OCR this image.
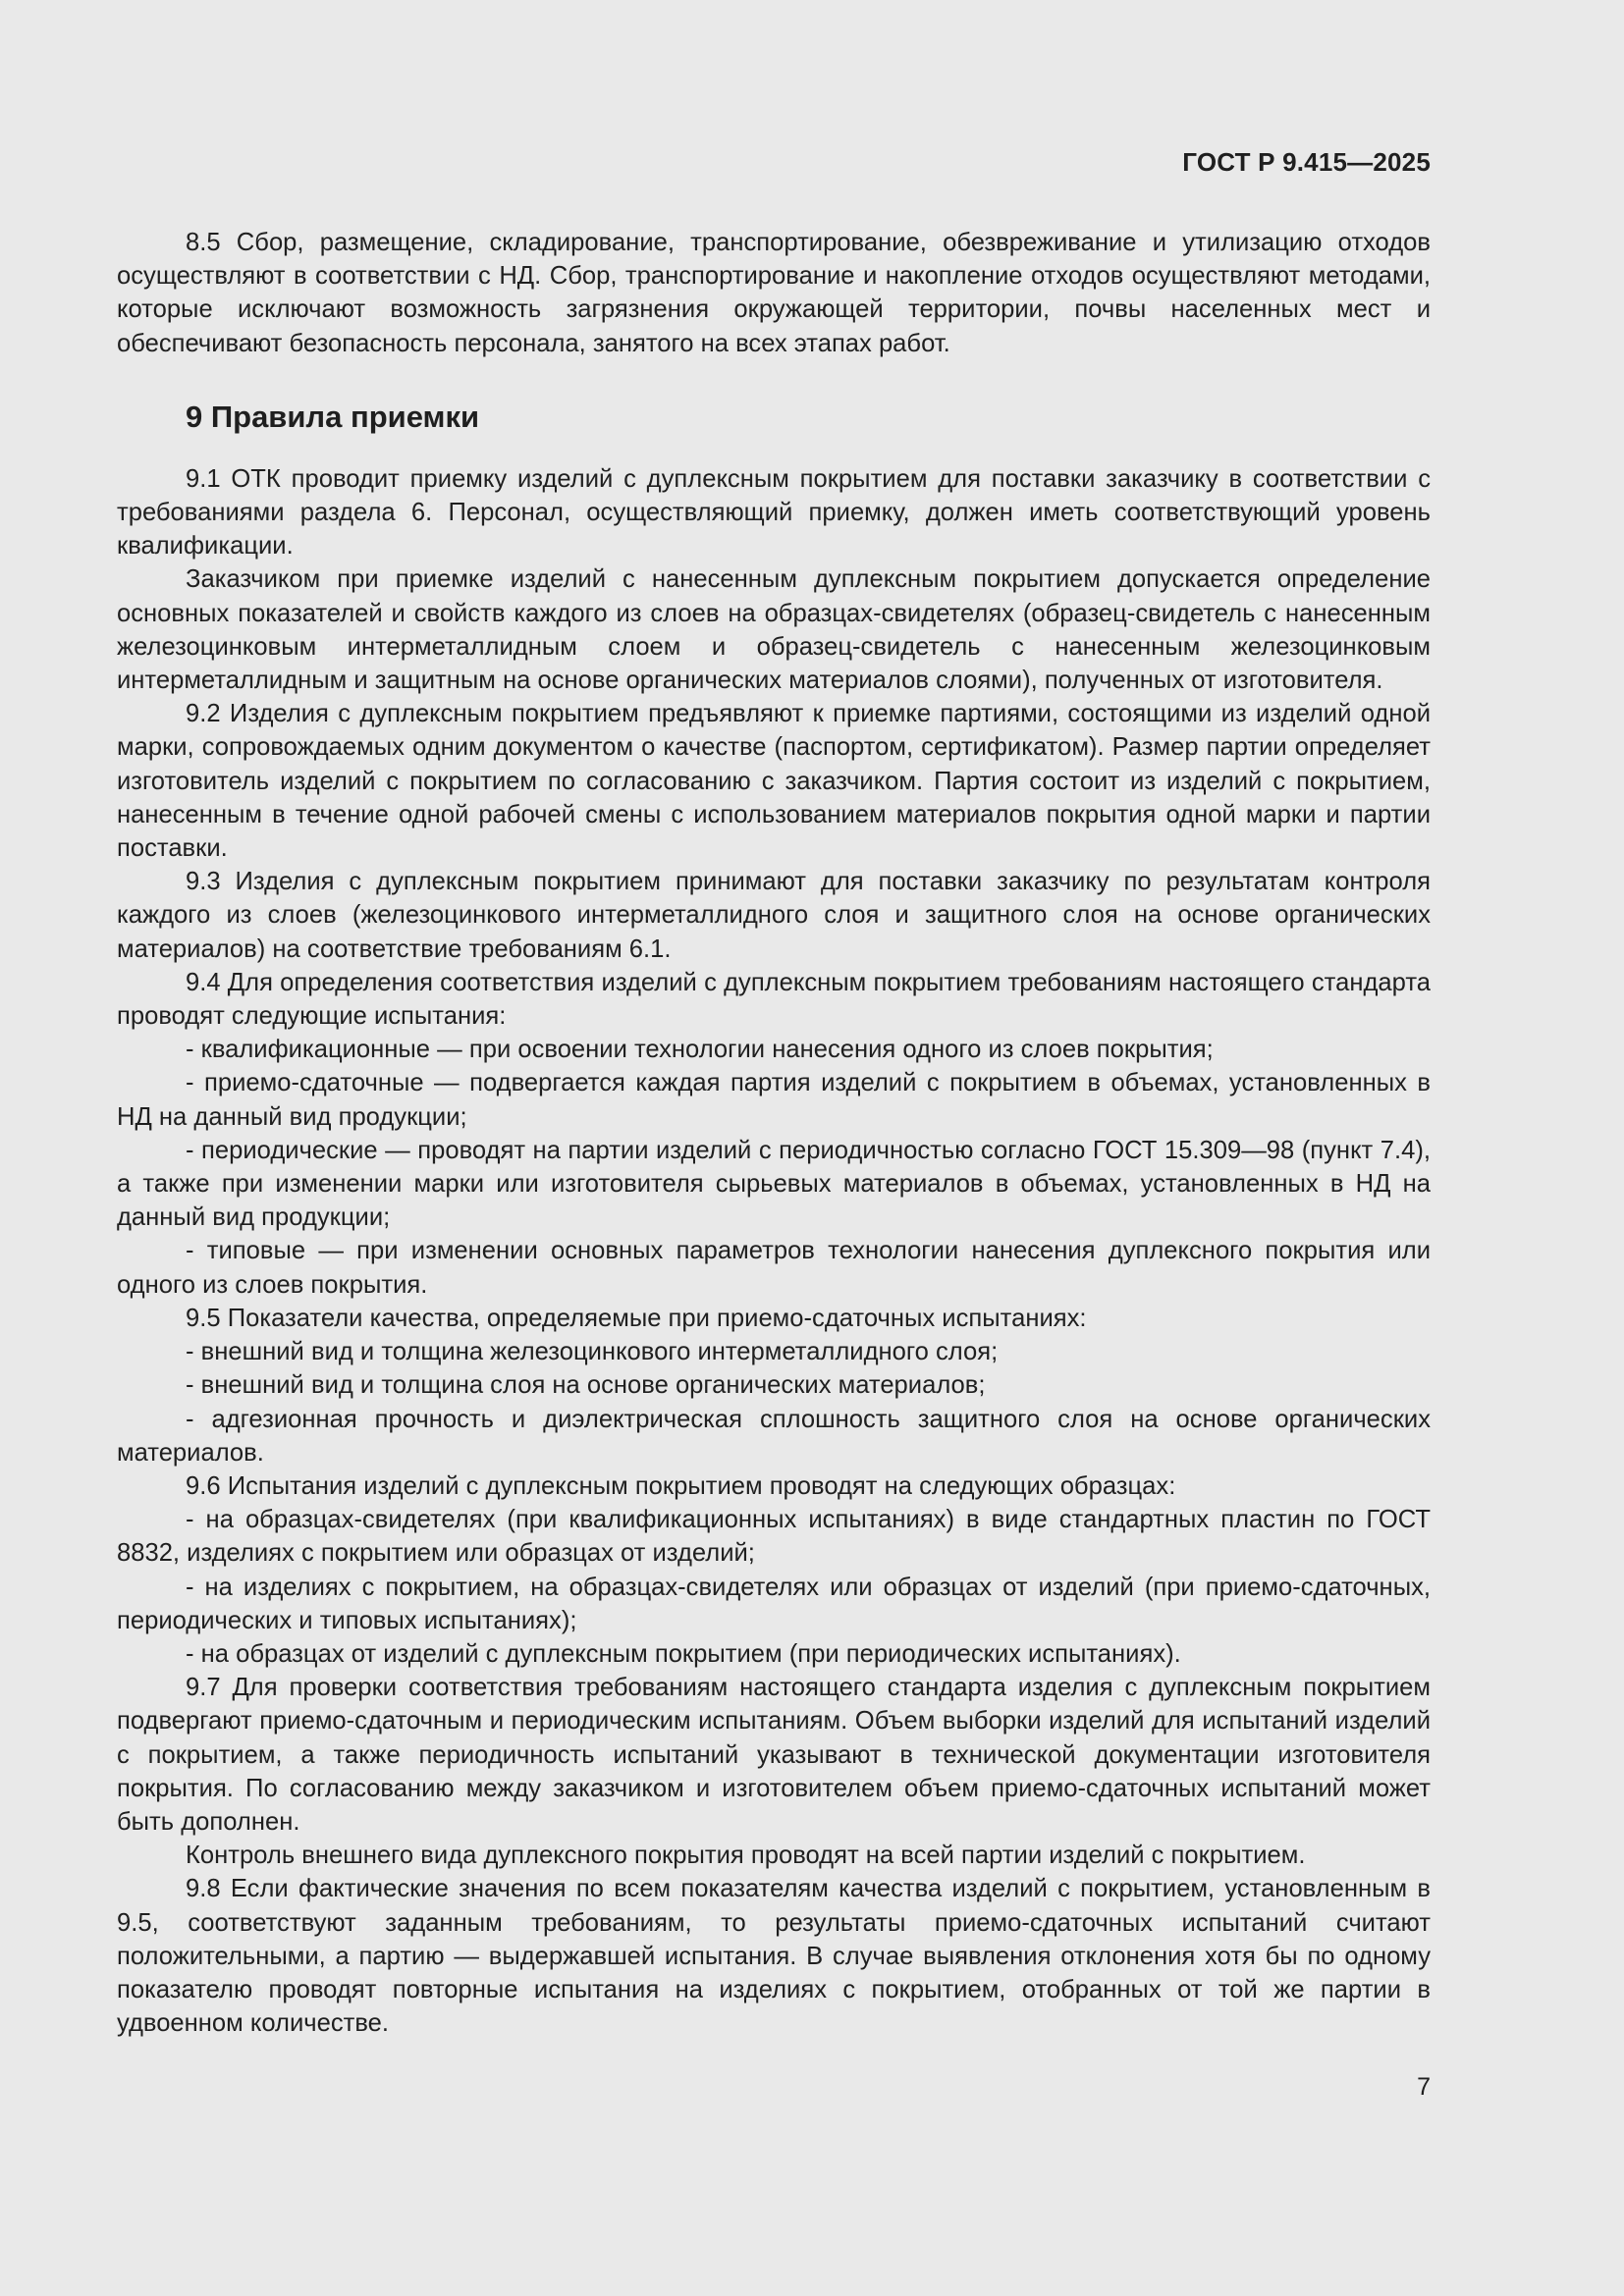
ГОСТ Р 9.415—2025

8.5 Сбор, размещение, складирование, транспортирование, обезвреживание и утилизацию отходов осуществляют в соответствии с НД. Сбор, транспортирование и накопление отходов осуществляют методами, которые исключают возможность загрязнения окружающей территории, почвы населенных мест и обеспечивают безопасность персонала, занятого на всех этапах работ.

9 Правила приемки

9.1 ОТК проводит приемку изделий с дуплексным покрытием для поставки заказчику в соответствии с требованиями раздела 6. Персонал, осуществляющий приемку, должен иметь соответствующий уровень квалификации.

Заказчиком при приемке изделий с нанесенным дуплексным покрытием допускается определение основных показателей и свойств каждого из слоев на образцах-свидетелях (образец-свидетель с нанесенным железоцинковым интерметаллидным слоем и образец-свидетель с нанесенным железоцинковым интерметаллидным и защитным на основе органических материалов слоями), полученных от изготовителя.

9.2 Изделия с дуплексным покрытием предъявляют к приемке партиями, состоящими из изделий одной марки, сопровождаемых одним документом о качестве (паспортом, сертификатом). Размер партии определяет изготовитель изделий с покрытием по согласованию с заказчиком. Партия состоит из изделий с покрытием, нанесенным в течение одной рабочей смены с использованием материалов покрытия одной марки и партии поставки.

9.3 Изделия с дуплексным покрытием принимают для поставки заказчику по результатам контроля каждого из слоев (железоцинкового интерметаллидного слоя и защитного слоя на основе органических материалов) на соответствие требованиям 6.1.

9.4 Для определения соответствия изделий с дуплексным покрытием требованиям настоящего стандарта проводят следующие испытания:

- квалификационные — при освоении технологии нанесения одного из слоев покрытия;

- приемо-сдаточные — подвергается каждая партия изделий с покрытием в объемах, установленных в НД на данный вид продукции;

- периодические — проводят на партии изделий с периодичностью согласно ГОСТ 15.309—98 (пункт 7.4), а также при изменении марки или изготовителя сырьевых материалов в объемах, установленных в НД на данный вид продукции;

- типовые — при изменении основных параметров технологии нанесения дуплексного покрытия или одного из слоев покрытия.

9.5 Показатели качества, определяемые при приемо-сдаточных испытаниях:

- внешний вид и толщина железоцинкового интерметаллидного слоя;

- внешний вид и толщина слоя на основе органических материалов;

- адгезионная прочность и диэлектрическая сплошность защитного слоя на основе органических материалов.

9.6 Испытания изделий с дуплексным покрытием проводят на следующих образцах:

- на образцах-свидетелях (при квалификационных испытаниях) в виде стандартных пластин по ГОСТ 8832, изделиях с покрытием или образцах от изделий;

- на изделиях с покрытием, на образцах-свидетелях или образцах от изделий (при приемо-сдаточных, периодических и типовых испытаниях);

- на образцах от изделий с дуплексным покрытием (при периодических испытаниях).

9.7 Для проверки соответствия требованиям настоящего стандарта изделия с дуплексным покрытием подвергают приемо-сдаточным и периодическим испытаниям. Объем выборки изделий для испытаний изделий с покрытием, а также периодичность испытаний указывают в технической документации изготовителя покрытия. По согласованию между заказчиком и изготовителем объем приемо-сдаточных испытаний может быть дополнен.

Контроль внешнего вида дуплексного покрытия проводят на всей партии изделий с покрытием.

9.8 Если фактические значения по всем показателям качества изделий с покрытием, установленным в 9.5, соответствуют заданным требованиям, то результаты приемо-сдаточных испытаний считают положительными, а партию — выдержавшей испытания. В случае выявления отклонения хотя бы по одному показателю проводят повторные испытания на изделиях с покрытием, отобранных от той же партии в удвоенном количестве.

7
